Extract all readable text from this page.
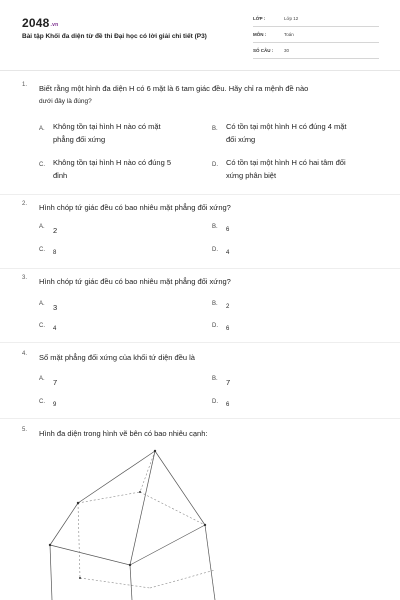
2048.vn
Bài tập Khối đa diện từ đề thi Đại học có lời giải chi tiết (P3)
LỚP :	Lớp 12
MÔN :	Toán
SỐ CÂU : 30
1. Biết rằng một hình đa diện H có 6 mặt là 6 tam giác đều. Hãy chỉ ra mệnh đề nào
dưới đây là đúng?
A. Không tồn tại hình H nào có mặt
phẳng đối xứng
B. Có tồn tại một hình H có đúng 4 mặt
đối xứng
C. Không tồn tại hình H nào có đúng 5
đỉnh
D. Có tồn tại một hình H có hai tâm đối
xứng phân biệt
2. Hình chóp tứ giác đều có bao nhiêu mặt phẳng đối xứng?
A. 2	B. 6
C. 8	D. 4
3. Hình chóp tứ giác đều có bao nhiêu mặt phẳng đối xứng?
A. 3	B. 2
C. 4	D. 6
4. Số mặt phẳng đối xứng của khối tứ diện đều là
A. 7	B. 7
C. 9	D. 6
5. Hình đa diện trong hình vẽ bên có bao nhiêu cạnh:
